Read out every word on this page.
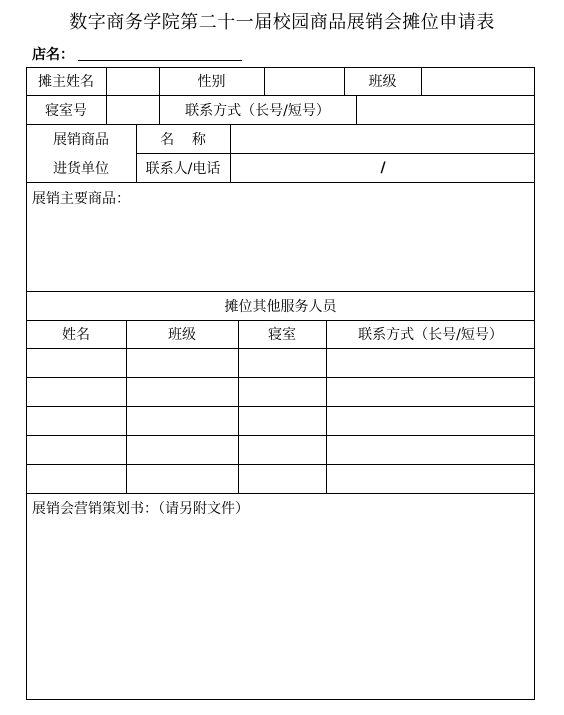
数字商务学院第二十一届校园商品展销会摊位申请表
店名：
摊主姓名	性别	班级
寝室号	联系方式（长号/短号）
展销商品	名    称
进货单位	联系人/电话	/
展销主要商品：
摊位其他服务人员
姓名	班级	寝室	联系方式（长号/短号）
展销会营销策划书：（请另附文件）
